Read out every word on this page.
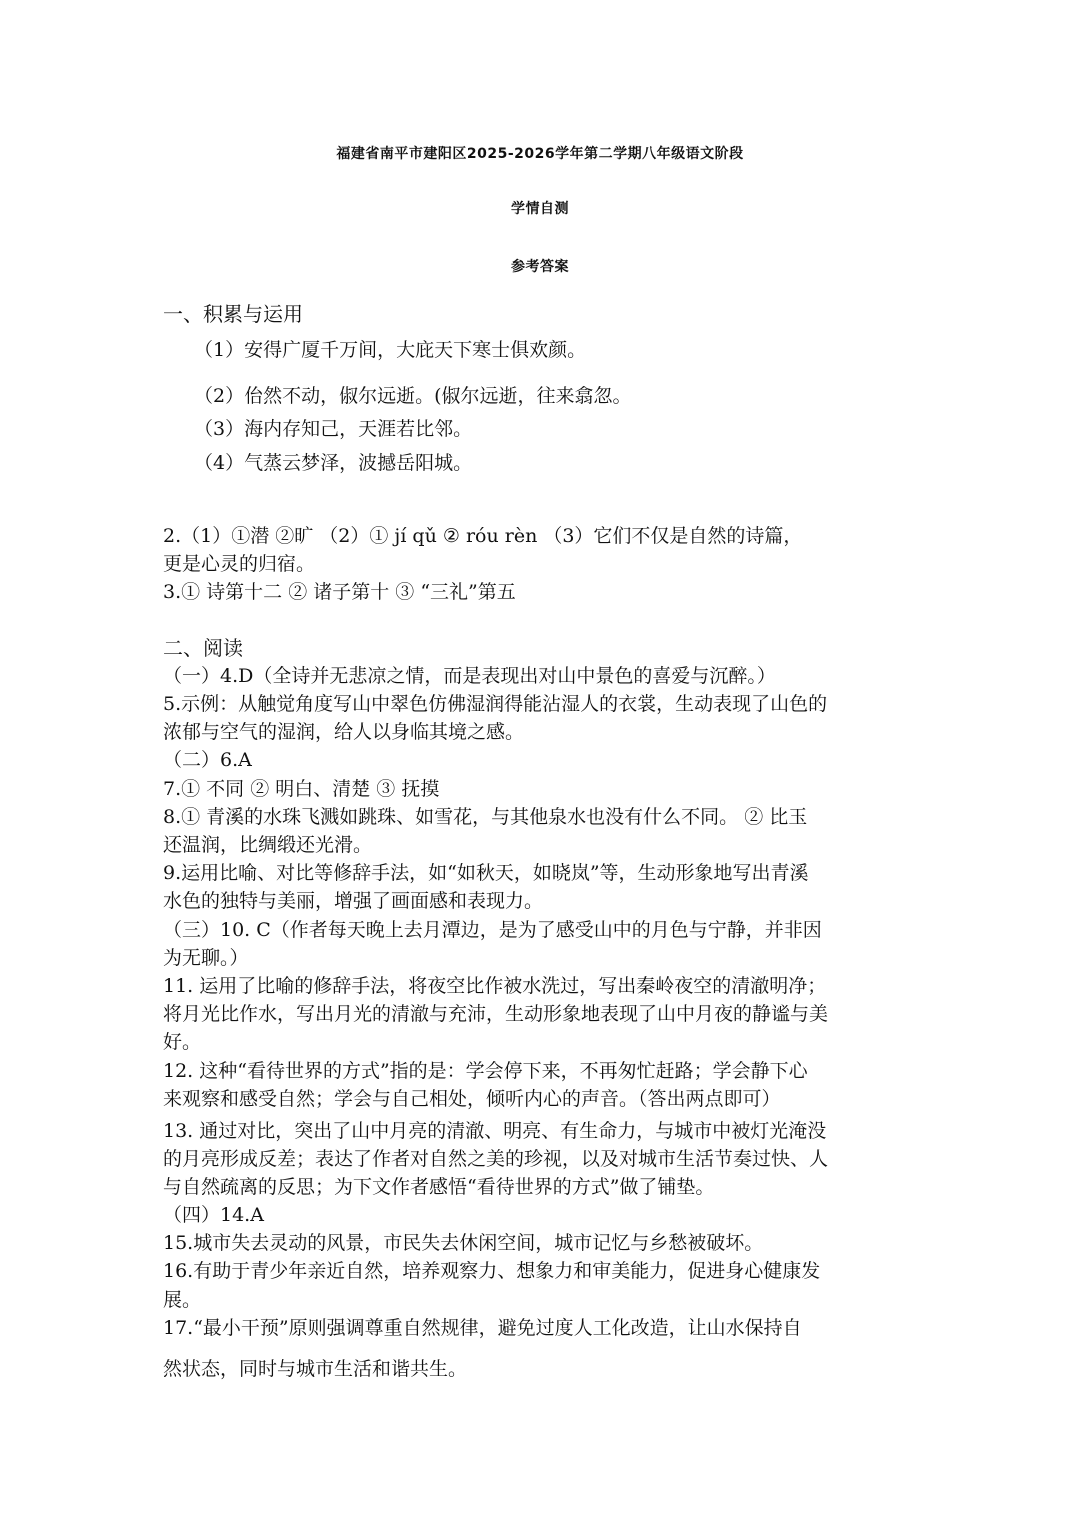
福建省南平市建阳区2025-2026学年第二学期八年级语文阶段
学情自测
参考答案
一、积累与运用
（1）安得广厦千万间，大庇天下寒士俱欢颜。
（2）佁然不动，俶尔远逝。(俶尔远逝，往来翕忽。
（3）海内存知己，天涯若比邻。
（4）气蒸云梦泽，波撼岳阳城。
2.（1）①潜 ②旷 （2）① jí qǔ ② róu rèn （3）它们不仅是自然的诗篇，
更是心灵的归宿。
3.① 诗第十二 ② 诸子第十 ③ “三礼”第五
二、阅读
（一）4.D（全诗并无悲凉之情，而是表现出对山中景色的喜爱与沉醉。）
5.示例：从触觉角度写山中翠色仿佛湿润得能沾湿人的衣裳，生动表现了山色的
浓郁与空气的湿润，给人以身临其境之感。
（二）6.A
7.① 不同 ② 明白、清楚 ③ 抚摸
8.① 青溪的水珠飞溅如跳珠、如雪花，与其他泉水也没有什么不同。 ② 比玉
还温润，比绸缎还光滑。
9.运用比喻、对比等修辞手法，如“如秋天，如晓岚”等，生动形象地写出青溪
水色的独特与美丽，增强了画面感和表现力。
（三）10. C（作者每天晚上去月潭边，是为了感受山中的月色与宁静，并非因
为无聊。）
11. 运用了比喻的修辞手法，将夜空比作被水洗过，写出秦岭夜空的清澈明净；
将月光比作水，写出月光的清澈与充沛，生动形象地表现了山中月夜的静谧与美
好。
12. 这种“看待世界的方式”指的是：学会停下来，不再匆忙赶路；学会静下心
来观察和感受自然；学会与自己相处，倾听内心的声音。（答出两点即可）
13. 通过对比，突出了山中月亮的清澈、明亮、有生命力，与城市中被灯光淹没
的月亮形成反差；表达了作者对自然之美的珍视，以及对城市生活节奏过快、人
与自然疏离的反思；为下文作者感悟“看待世界的方式”做了铺垫。
（四）14.A
15.城市失去灵动的风景，市民失去休闲空间，城市记忆与乡愁被破坏。
16.有助于青少年亲近自然，培养观察力、想象力和审美能力，促进身心健康发
展。
17.“最小干预”原则强调尊重自然规律，避免过度人工化改造，让山水保持自
然状态，同时与城市生活和谐共生。
